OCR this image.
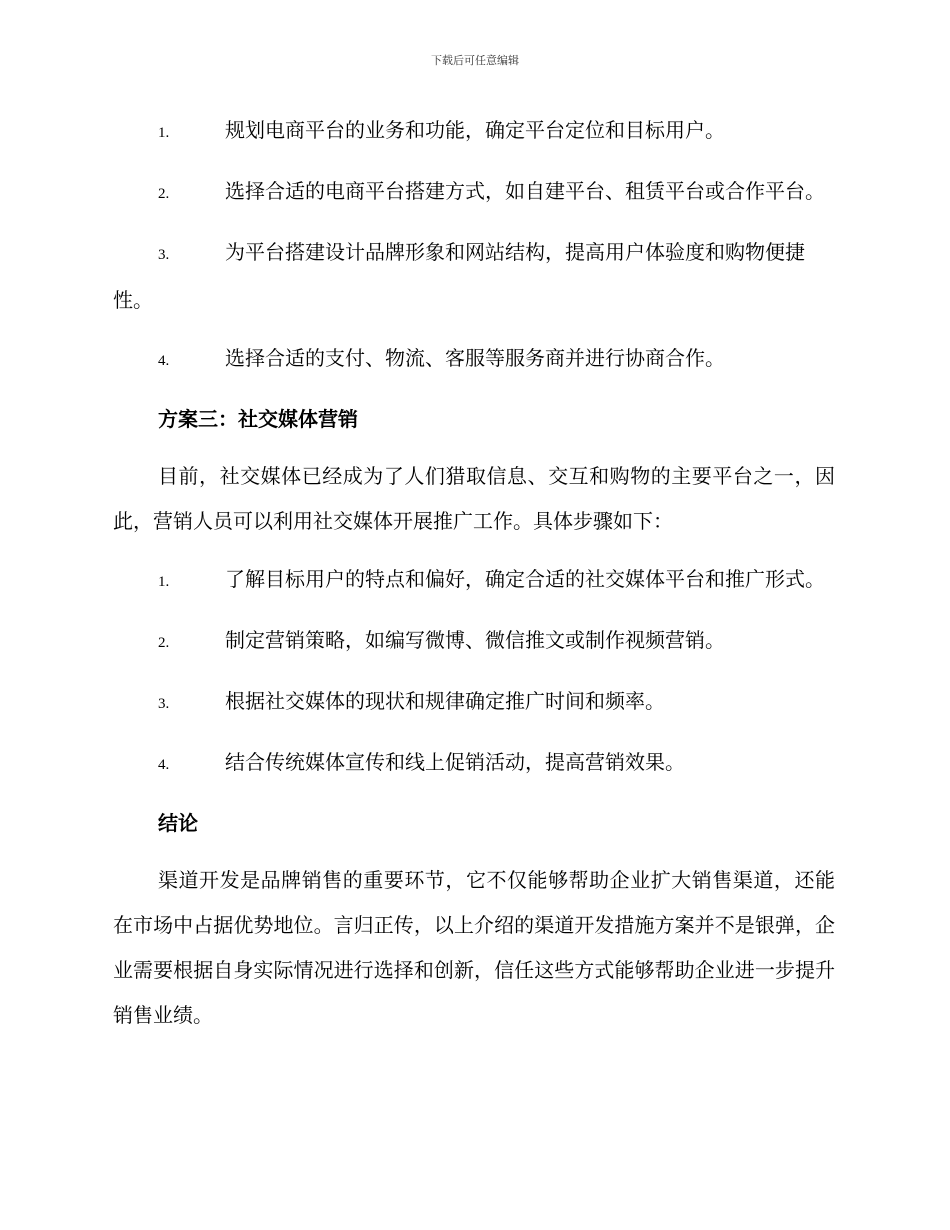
下载后可任意编辑
1.	规划电商平台的业务和功能，确定平台定位和目标用户。
2.	选择合适的电商平台搭建方式，如自建平台、租赁平台或合作平台。
3.	为平台搭建设计品牌形象和网站结构，提高用户体验度和购物便捷性。
4.	选择合适的支付、物流、客服等服务商并进行协商合作。
方案三：社交媒体营销
目前，社交媒体已经成为了人们猎取信息、交互和购物的主要平台之一，因此，营销人员可以利用社交媒体开展推广工作。具体步骤如下：
1.	了解目标用户的特点和偏好，确定合适的社交媒体平台和推广形式。
2.	制定营销策略，如编写微博、微信推文或制作视频营销。
3.	根据社交媒体的现状和规律确定推广时间和频率。
4.	结合传统媒体宣传和线上促销活动，提高营销效果。
结论
渠道开发是品牌销售的重要环节，它不仅能够帮助企业扩大销售渠道，还能在市场中占据优势地位。言归正传，以上介绍的渠道开发措施方案并不是银弹，企业需要根据自身实际情况进行选择和创新，信任这些方式能够帮助企业进一步提升销售业绩。
